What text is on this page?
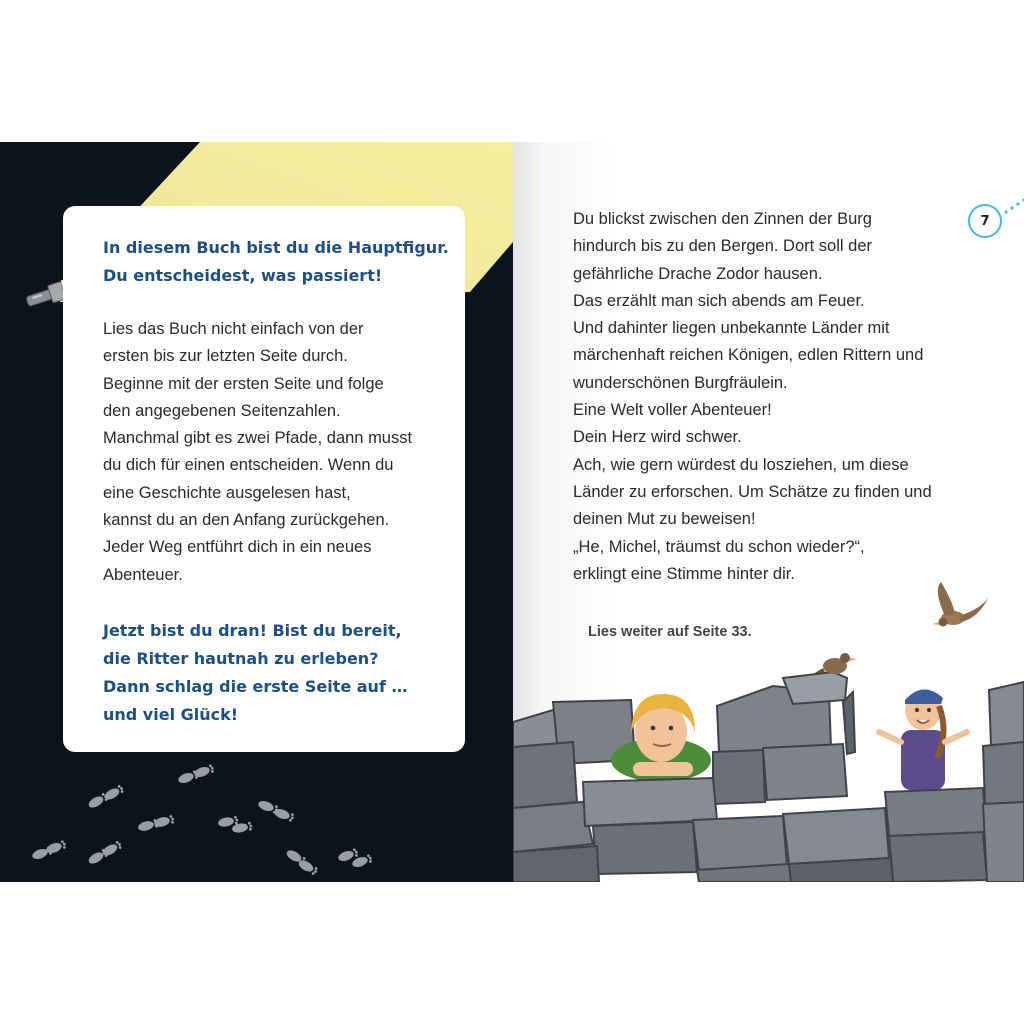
In diesem Buch bist du die Hauptfigur.

Du entscheidest, was passiert!

Lies das Buch nicht einfach von der

ersten bis zur letzten Seite durch.

Beginne mit der ersten Seite und folge

den angegebenen Seitenzahlen.

Manchmal gibt es zwei Pfade, dann musst

du dich für einen entscheiden. Wenn du

eine Geschichte ausgelesen hast,

kannst du an den Anfang zurückgehen.

Jeder Weg entführt dich in ein neues

Abenteuer.

Jetzt bist du dran! Bist du bereit,

die Ritter hautnah zu erleben?

Dann schlag die erste Seite auf …

und viel Glück!

7

Du blickst zwischen den Zinnen der Burg

hindurch bis zu den Bergen. Dort soll der

gefährliche Drache Zodor hausen.

Das erzählt man sich abends am Feuer.

Und dahinter liegen unbekannte Länder mit

märchenhaft reichen Königen, edlen Rittern und

wunderschönen Burgfräulein.

Eine Welt voller Abenteuer!

Dein Herz wird schwer.

Ach, wie gern würdest du losziehen, um diese

Länder zu erforschen. Um Schätze zu finden und

deinen Mut zu beweisen!

„He, Michel, träumst du schon wieder?“,

erklingt eine Stimme hinter dir.

Lies weiter auf Seite 33.
